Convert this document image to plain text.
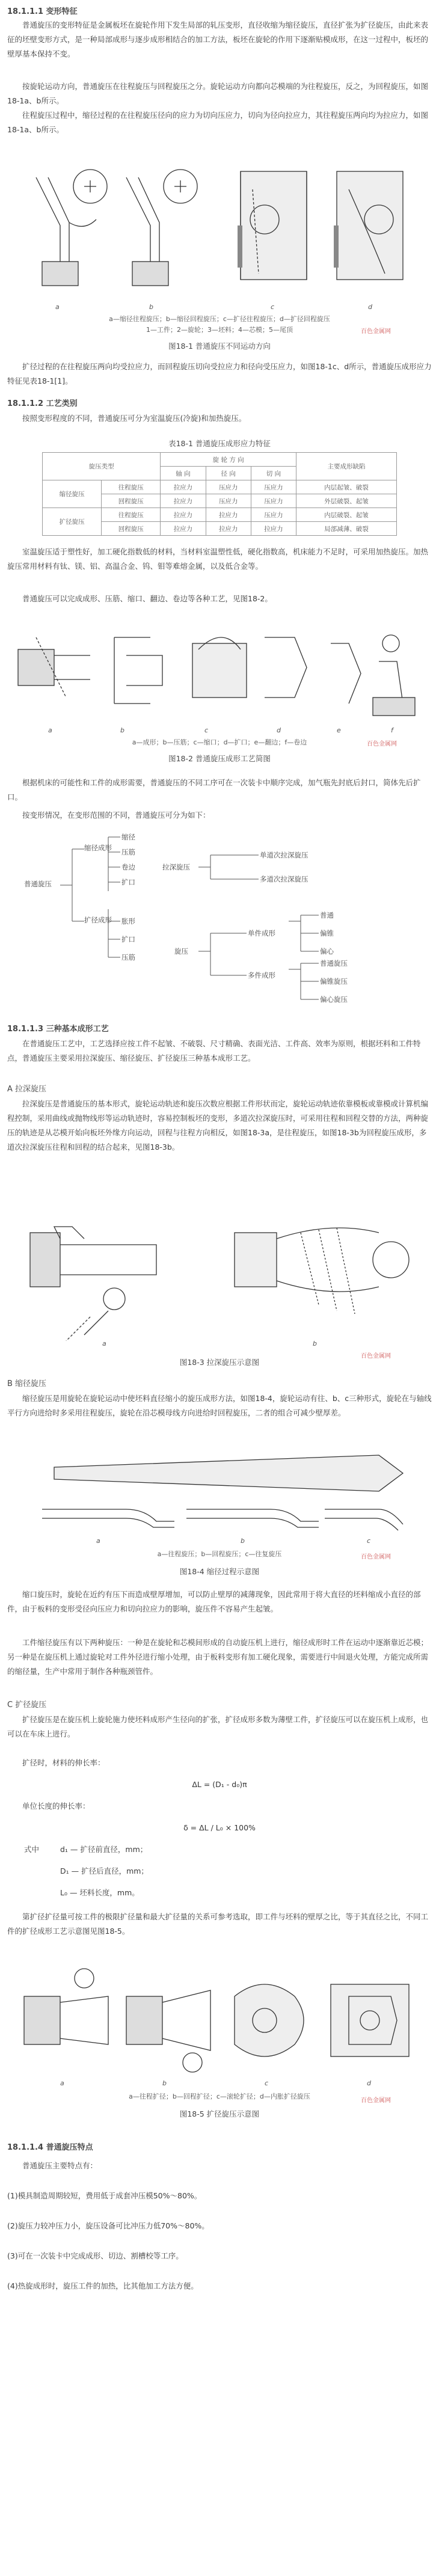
18.1.1.1 变形特征
普通旋压的变形特征是金属板坯在旋轮作用下发生局部的轧压变形，直径收缩为缩径旋压，直径扩张为扩径旋压，由此来表征的坯壁变形方式，是一种局部成形与逐步成形相结合的加工方法，板坯在旋轮的作用下逐渐贴模成形，在这一过程中，板坯的壁厚基本保持不变。
按旋轮运动方向，普通旋压在往程旋压与回程旋压之分。旋轮运动方向都向芯模端的为往程旋压，反之，为回程旋压，如图18-1a、b所示。
往程旋压过程中，缩径过程的在往程旋压径向的应力为切向压应力，切向为径向拉应力，其往程旋压两向均为拉应力，如图18-1a、b所示。
a	b	c	d
a—缩径往程旋压；b—缩径回程旋压；c—扩径往程旋压；d—扩径回程旋压
1—工件；2—旋轮；3—坯料；4—芯模；5—尾顶	百色金属网
图18-1 普通旋压不同运动方向
扩径过程的在往程旋压两向均受拉应力，而回程旋压切向受拉应力和径向受压应力，如图18-1c、d所示，普通旋压成形应力特征见表18-1[1]。
18.1.1.2 工艺类别
按照变形程度的不同，普通旋压可分为室温旋压(冷旋)和加热旋压。
表18-1 普通旋压成形应力特征
旋压类型		旋 轮 方 向			主要成形缺陷
		轴 向	径 向	切 向	
缩径旋压	往程旋压	拉应力	压应力	压应力	内层起皱、破裂
	回程旋压	拉应力	压应力	压应力	外层破裂、起皱
扩径旋压	往程旋压	拉应力	拉应力	压应力	内层破裂、起皱
	回程旋压	拉应力	拉应力	拉应力	局部减薄、破裂
室温旋压适于塑性好，加工硬化指数低的材料，当材料室温塑性低，硬化指数高，机床能力不足时，可采用加热旋压。加热旋压常用材料有钛、镁、铝、高温合金、钨、钼等难熔金属，以及低合金等。
普通旋压可以完成成形、压筋、缩口、翻边、卷边等各种工艺，见图18-2。
a	b	c	d	e	f
a—成形；b—压筋；c—缩口；d—扩口；e—翻边；f—卷边	百色金属网
图18-2 普通旋压成形工艺简图
根据机床的可能性和工件的成形需要，普通旋压的不同工序可在一次装卡中顺序完成，加气瓶先封底后封口，简体先后扩口。
按变形情况，在变形范围的不同，普通旋压可分为如下：
普通旋压
缩径成形
缩径
压筋
卷边
扩口
扩径成形 胀形
扩口
压筋
拉深旋压
单道次拉深旋压
多道次拉深旋压
旋压
单件成形
多件成形
普通
偏锥
偏心
普通旋压
偏锥旋压
偏心旋压
18.1.1.3 三种基本成形工艺
在普通旋压工艺中，工艺选择应按工件不起皱、不破裂、尺寸精确、表面光洁、工件高、效率为原则，根据坯料和工件特点，普通旋压主要采用拉深旋压、缩径旋压、扩径旋压三种基本成形工艺。
A 拉深旋压
拉深旋压是普通旋压的基本形式，旋轮运动轨迹和旋压次数应根据工件形状而定，旋轮运动轨迹依靠模板或靠模或计算机编程控制，采用曲线或抛物线形等运动轨迹时，容易控制板坯的变形，多道次拉深旋压时，可采用往程和回程交替的方法，两种旋压的轨迹是从芯模开始向板坯外缘方向运动，回程与往程方向相反，如图18-3a，是往程旋压，如图18-3b为回程旋压成形，多道次拉深旋压往程和回程的结合起来，见图18-3b。
a	b
百色金属网
图18-3 拉深旋压示意图
B 缩径旋压
缩径旋压是用旋轮在旋轮运动中使坯料直径缩小的旋压成形方法，如图18-4，旋轮运动有往、b、c三种形式，旋轮在与轴线平行方向进给时多采用往程旋压，旋轮在沿芯模母线方向进给时回程旋压，二者的组合可减少壁厚差。
a	b	c
a—往程旋压；b—回程旋压；c—往复旋压	百色金属网
图18-4 缩径过程示意图
缩口旋压时，旋轮在近约有压下而造成壁厚增加，可以防止壁厚的减薄现象，因此常用于将大直径的坯料缩成小直径的部件，由于板料的变形受径向压应力和切向拉应力的影响，旋压件不容易产生起皱。
工件缩径旋压有以下两种旋压：一种是在旋轮和芯模间形成的自动旋压机上进行，缩径成形时工件在运动中逐渐靠近芯模；另一种是在旋压机上通过旋轮对工件外径进行缩小处理，由于板料变形有加工硬化现象，需要进行中间退火处理，方能完成所需的缩径量，生产中常用于制作各种瓶颈管件。
C 扩径旋压
扩径旋压是在旋压机上旋轮施力使坯料成形产生径向的扩张，扩径成形多数为薄壁工件，扩径旋压可以在旋压机上成形，也可以在车床上进行。
扩径时，材料的伸长率：
ΔL = (D₁ - d₀)π
单位长度的伸长率：
δ = ΔL / L₀ × 100%
式中	d₁ — 扩径前直径，mm；
D₁ — 扩径后直径，mm；
L₀ — 坯料长度，mm。
第扩径扩径量可按工件的极限扩径量和最大扩径量的关系可参考选取，即工件与坯料的壁厚之比，等于其直径之比，不同工件的扩径成形工艺示意图见图18-5。
a	b	c	d
a—往程扩径；b—回程扩径；c—滚轮扩径；d—内胀扩径旋压
百色金属网
图18-5 扩径旋压示意图
18.1.1.4 普通旋压特点
普通旋压主要特点有：
(1)模具制造周期较短，费用低于成套冲压模50%～80%。
(2)旋压力较冲压力小，旋压设备可比冲压力低70%～80%。
(3)可在一次装卡中完成成形、切边、割槽校等工序。
(4)热旋成形时，旋压工件的加热，比其他加工方法方便。
